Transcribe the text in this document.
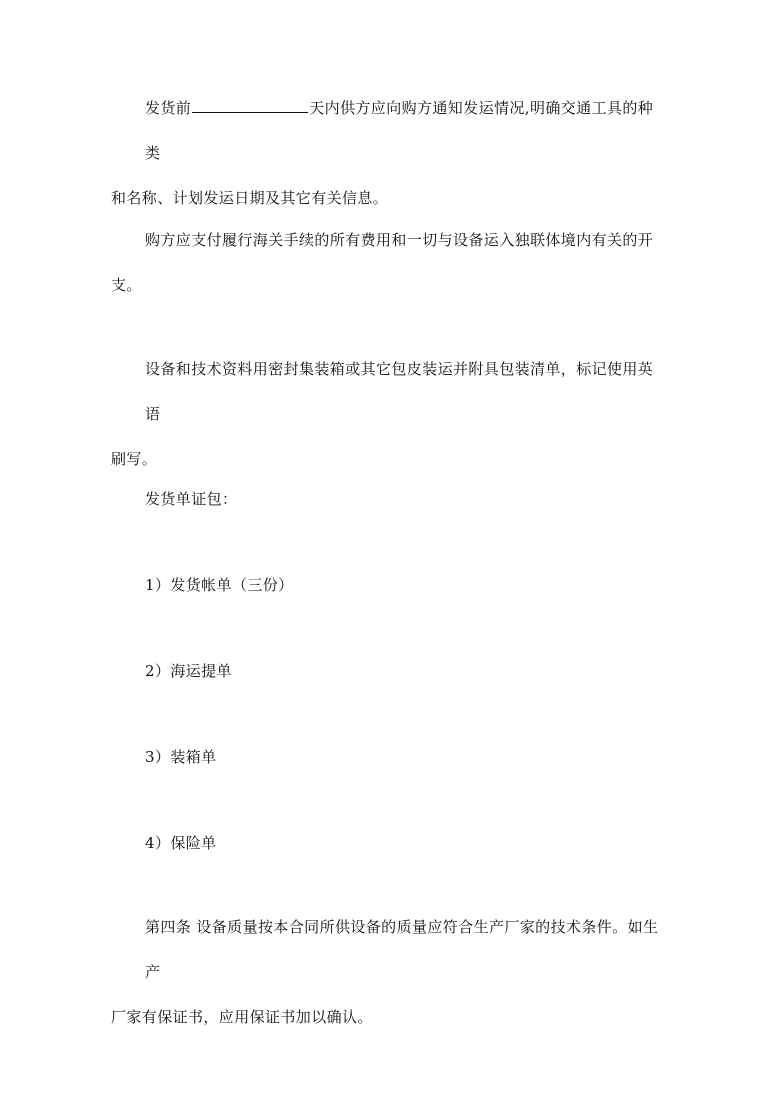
发货前	天内供方应向购方通知发运情况,明确交通工具的种类
和名称、计划发运日期及其它有关信息。
购方应支付履行海关手续的所有费用和一切与设备运入独联体境内有关的开
支。
设备和技术资料用密封集装箱或其它包皮装运并附具包装清单，标记使用英语
刷写。

发货单证包：

1）发货帐单（三份）

2）海运提单

3）装箱单

4）保险单

第四条 设备质量按本合同所供设备的质量应符合生产厂家的技术条件。如生产
厂家有保证书，应用保证书加以确认。
